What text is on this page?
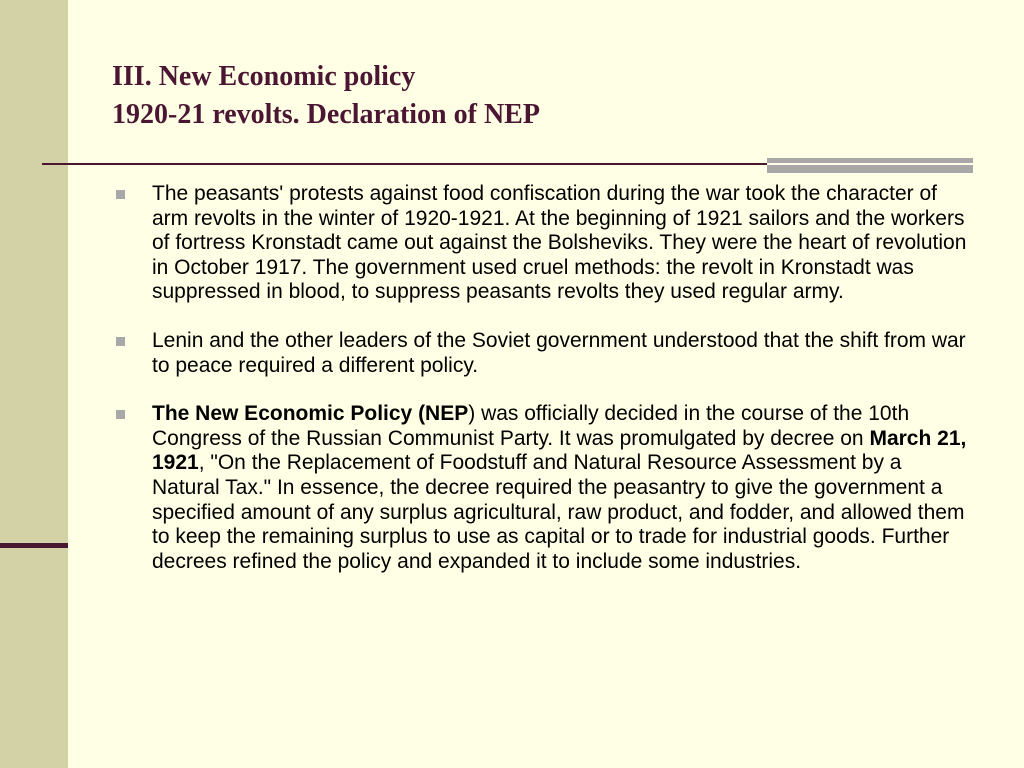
III. New Economic policy
1920-21 revolts. Declaration of NEP
The peasants' protests against food confiscation during the war took the character of arm revolts in the winter of 1920-1921. At the beginning of 1921 sailors and the workers of fortress Kronstadt came out against the Bolsheviks. They were the heart of revolution in October 1917. The government used cruel methods: the revolt in Kronstadt was suppressed in blood, to suppress peasants revolts they used regular army.
Lenin and the other leaders of the Soviet government understood that the shift from war to peace required a different policy.
The New Economic Policy (NEP) was officially decided in the course of the 10th Congress of the Russian Communist Party. It was promulgated by decree on March 21, 1921, "On the Replacement of Foodstuff and Natural Resource Assessment by a Natural Tax." In essence, the decree required the peasantry to give the government a specified amount of any surplus agricultural, raw product, and fodder, and allowed them to keep the remaining surplus to use as capital or to trade for industrial goods. Further decrees refined the policy and expanded it to include some industries.
